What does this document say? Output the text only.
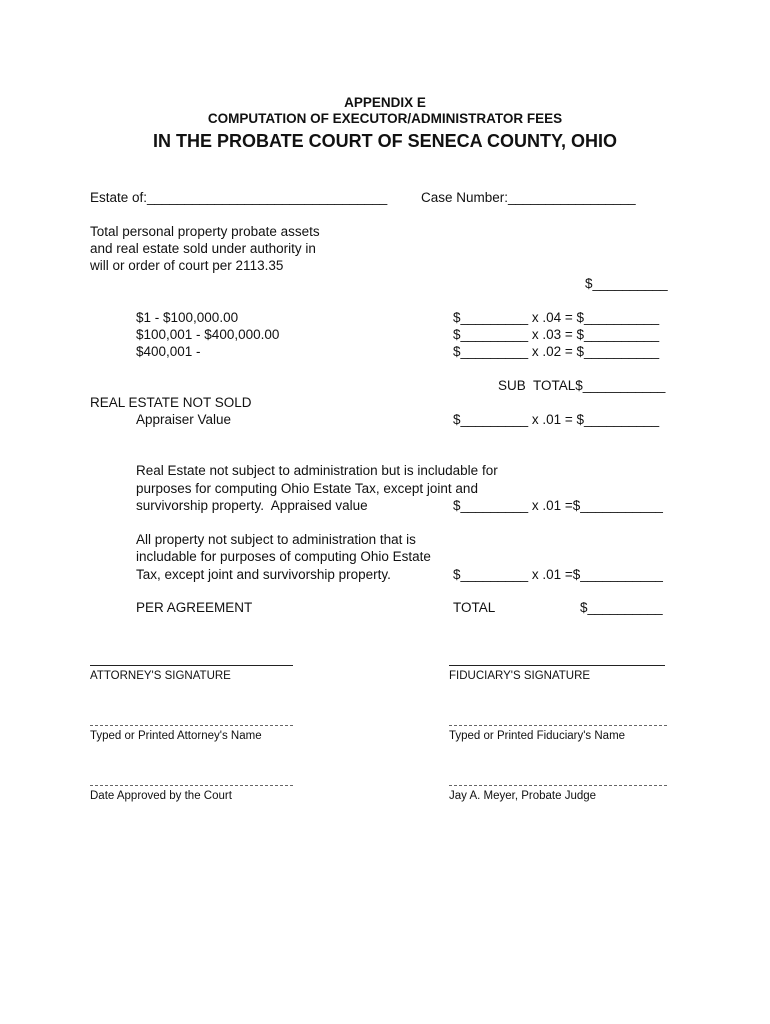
APPENDIX E
COMPUTATION OF EXECUTOR/ADMINISTRATOR FEES
IN THE PROBATE COURT OF SENECA COUNTY, OHIO
Estate of:________________________________ Case Number:_________________
Total personal property probate assets
and real estate sold under authority in
will or order of court per 2113.35
$__________
$1 - $100,000.00	$_________ x .04 = $__________
$100,001 - $400,000.00	$_________ x .03 = $__________
$400,001 -	$_________ x .02 = $__________
SUB  TOTAL$___________
REAL ESTATE NOT SOLD
Appraiser Value	$_________ x .01 = $__________
Real Estate not subject to administration but is includable for
purposes for computing Ohio Estate Tax, except joint and
survivorship property.  Appraised value	$_________ x .01 =$___________
All property not subject to administration that is
includable for purposes of computing Ohio Estate
Tax, except joint and survivorship property.	$_________ x .01 =$___________
PER AGREEMENT	TOTAL	$__________
ATTORNEY'S SIGNATURE	FIDUCIARY'S SIGNATURE
Typed or Printed Attorney's Name	Typed or Printed Fiduciary's Name
Date Approved by the Court	Jay A. Meyer, Probate Judge
